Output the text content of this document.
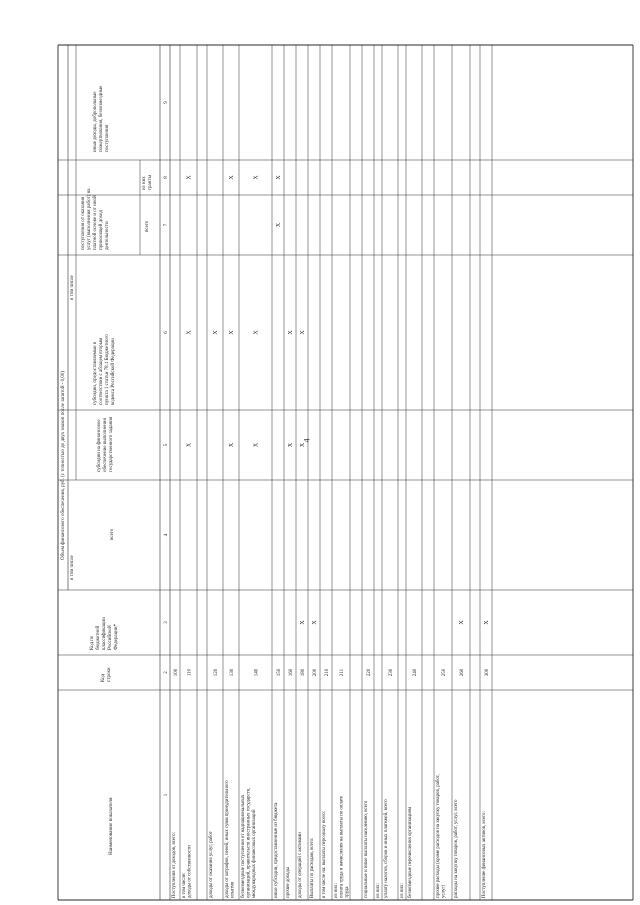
4
Объем финансового обеспечения, руб. (с точностью до двух знаков после запятой - 0,00)
в том числе
в том числе
Наименование показателя
Код строки
Код по бюджетной классификации Российской Федерации*
всего
субсидии на финансовое обеспечение выполнения государственного задания
субсидии, предоставляемые в соответствии с абзацем вторым пункта 1 статьи 78.1 Бюджетного кодекса Российской Федерации
поступления от оказания услуг (выполнения работ) на платной основе и от иной приносящей доход деятельности	всего
из них гранты
иные доходы, добровольные пожертвования, безвозмездные поступления
1
2
3
4
5
6
7
8
9
Поступления от доходов, всего:
100
в том числе: доходы от собственности
110
X
X
X
доходы от оказания услуг, работ
120
X
доходы от штрафов, пеней, иных сумм принудительного изъятия
130
X
X
X
безвозмездные поступления от наднациональных организаций, правительств иностранных государств, международных финансовых организаций
140
X
X
X
иные субсидии, предоставленные из бюджета
150
X
X
прочие доходы
160
X
X
доходы от операций с активами
180
X
X
X
Выплаты по расходам, всего:
200
X
в том числе на: выплаты персоналу всего:
210
из них: оплата труда и начисления на выплаты по оплате труда
211
социальные и иные выплаты населению, всего
220
из них: уплату налогов, сборов и иных платежей, всего
230
из них: безвозмездные перечисления организациям
240
прочие расходы (кроме расходов на закупку товаров, работ, услуг)
250
расходы на закупку товаров, работ, услуг, всего
260
X
Поступление финансовых активов, всего:
300
X
